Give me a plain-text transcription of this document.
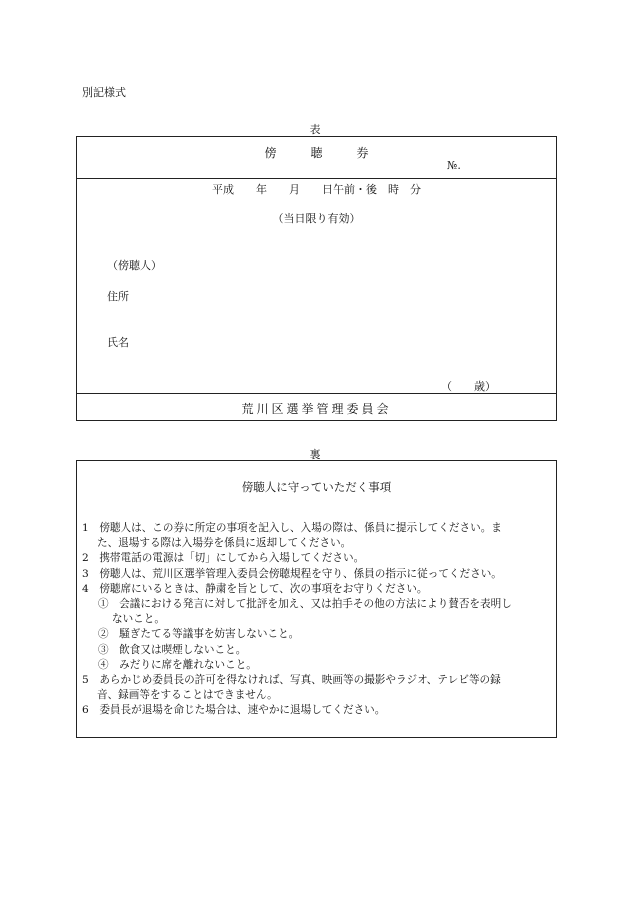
別記様式
表
傍聴券
№.
平成　　年　　月　　日午前・後　時　分
（当日限り有効）
（傍聴人）
住所
氏名
（　　歳）
荒川区選挙管理委員会
裏
傍聴人に守っていただく事項
1　傍聴人は、この券に所定の事項を記入し、入場の際は、係員に提示してください。ま
た、退場する際は入場券を係員に返却してください。
2　携帯電話の電源は「切」にしてから入場してください。
3　傍聴人は、荒川区選挙管理入委員会傍聴規程を守り、係員の指示に従ってください。
4　傍聴席にいるときは、静粛を旨として、次の事項をお守りください。
①　会議における発言に対して批評を加え、又は拍手その他の方法により賛否を表明し
ないこと。
②　騒ぎたてる等議事を妨害しないこと。
③　飲食又は喫煙しないこと。
④　みだりに席を離れないこと。
5　あらかじめ委員長の許可を得なければ、写真、映画等の撮影やラジオ、テレビ等の録
音、録画等をすることはできません。
6　委員長が退場を命じた場合は、速やかに退場してください。
